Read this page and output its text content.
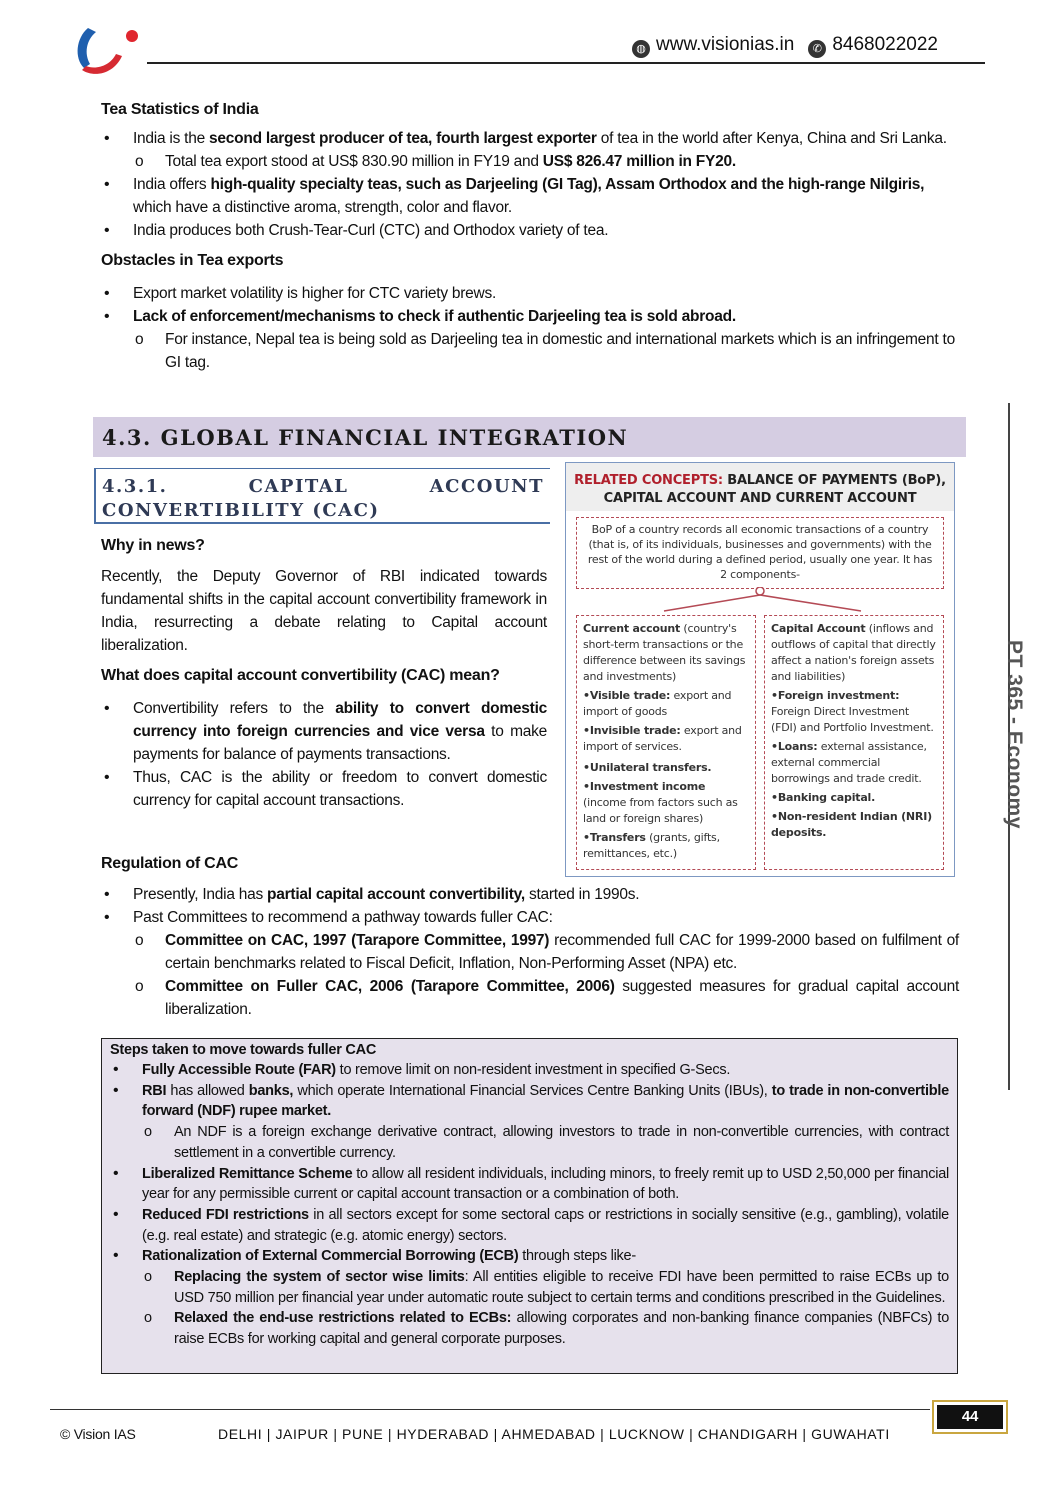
◍ www.visionias.in	✆ 8468022022
Tea Statistics of India
• India is the second largest producer of tea, fourth largest exporter of tea in the world after Kenya, China and Sri Lanka.
o Total tea export stood at US$ 830.90 million in FY19 and US$ 826.47 million in FY20.
• India offers high-quality specialty teas, such as Darjeeling (GI Tag), Assam Orthodox and the high-range Nilgiris, which have a distinctive aroma, strength, color and flavor.
• India produces both Crush-Tear-Curl (CTC) and Orthodox variety of tea.
Obstacles in Tea exports
• Export market volatility is higher for CTC variety brews.
• Lack of enforcement/mechanisms to check if authentic Darjeeling tea is sold abroad.
o For instance, Nepal tea is being sold as Darjeeling tea in domestic and international markets which is an infringement to GI tag.
4.3. GLOBAL FINANCIAL INTEGRATION
4.3.1.	CAPITAL	ACCOUNT
CONVERTIBILITY (CAC)
Why in news?
Recently, the Deputy Governor of RBI indicated towards fundamental shifts in the capital account convertibility framework in India, resurrecting a debate relating to Capital account liberalization.
What does capital account convertibility (CAC) mean?
• Convertibility refers to the ability to convert domestic currency into foreign currencies and vice versa to make payments for balance of payments transactions.
• Thus, CAC is the ability or freedom to convert domestic currency for capital account transactions.
RELATED CONCEPTS: BALANCE OF PAYMENTS (BoP), CAPITAL ACCOUNT AND CURRENT ACCOUNT
BoP of a country records all economic transactions of a country (that is, of its individuals, businesses and governments) with the rest of the world during a defined period, usually one year. It has 2 components-
Current account (country's short-term transactions or the difference between its savings and investments)
•Visible trade: export and import of goods
•Invisible trade: export and import of services.
•Unilateral transfers.
•Investment income (income from factors such as land or foreign shares)
•Transfers (grants, gifts, remittances, etc.)
Capital Account (inflows and outflows of capital that directly affect a nation's foreign assets and liabilities)
•Foreign investment: Foreign Direct Investment (FDI) and Portfolio Investment.
•Loans: external assistance, external commercial borrowings and trade credit.
•Banking capital.
•Non-resident Indian (NRI) deposits.
PT 365 - Economy
Regulation of CAC
• Presently, India has partial capital account convertibility, started in 1990s.
• Past Committees to recommend a pathway towards fuller CAC:
o Committee on CAC, 1997 (Tarapore Committee, 1997) recommended full CAC for 1999-2000 based on fulfilment of certain benchmarks related to Fiscal Deficit, Inflation, Non-Performing Asset (NPA) etc.
o Committee on Fuller CAC, 2006 (Tarapore Committee, 2006) suggested measures for gradual capital account liberalization.
Steps taken to move towards fuller CAC
• Fully Accessible Route (FAR) to remove limit on non-resident investment in specified G-Secs.
• RBI has allowed banks, which operate International Financial Services Centre Banking Units (IBUs), to trade in non-convertible forward (NDF) rupee market.
o An NDF is a foreign exchange derivative contract, allowing investors to trade in non-convertible currencies, with contract settlement in a convertible currency.
• Liberalized Remittance Scheme to allow all resident individuals, including minors, to freely remit up to USD 2,50,000 per financial year for any permissible current or capital account transaction or a combination of both.
• Reduced FDI restrictions in all sectors except for some sectoral caps or restrictions in socially sensitive (e.g., gambling), volatile (e.g. real estate) and strategic (e.g. atomic energy) sectors.
• Rationalization of External Commercial Borrowing (ECB) through steps like-
o Replacing the system of sector wise limits: All entities eligible to receive FDI have been permitted to raise ECBs up to USD 750 million per financial year under automatic route subject to certain terms and conditions prescribed in the Guidelines.
o Relaxed the end-use restrictions related to ECBs: allowing corporates and non-banking finance companies (NBFCs) to raise ECBs for working capital and general corporate purposes.
44
© Vision IAS	DELHI | JAIPUR | PUNE | HYDERABAD | AHMEDABAD | LUCKNOW | CHANDIGARH | GUWAHATI
